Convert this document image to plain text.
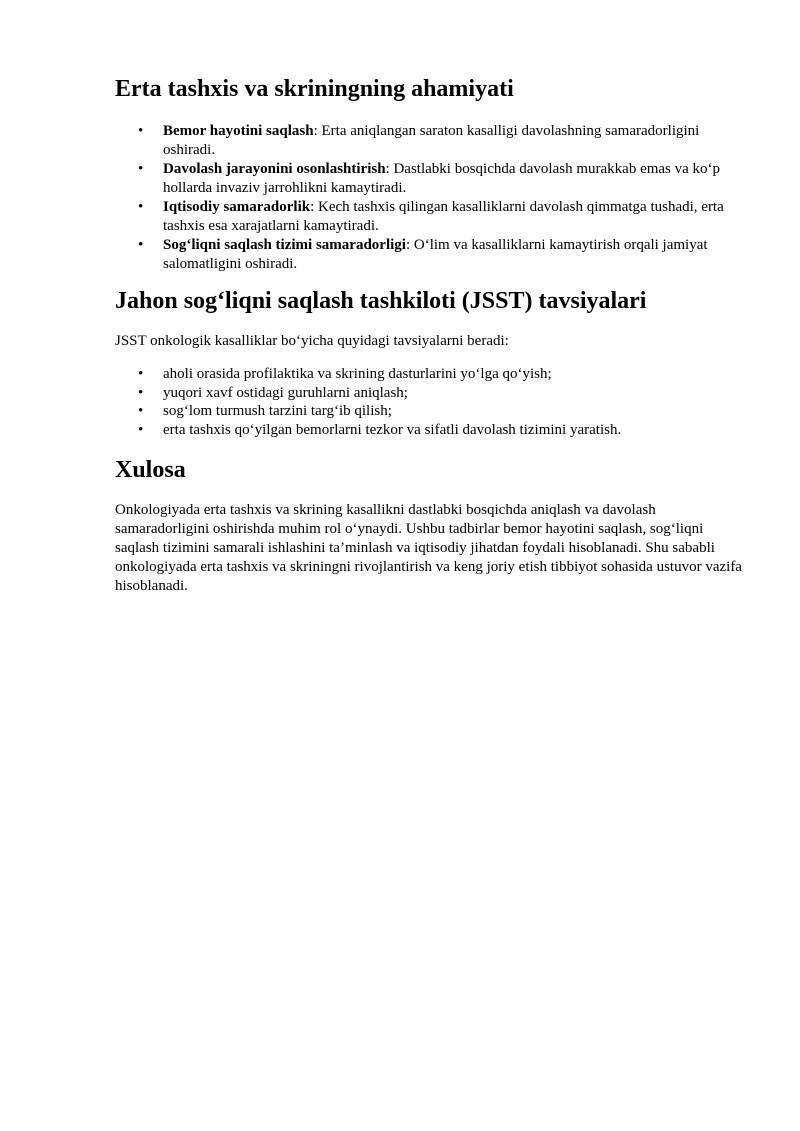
Erta tashxis va skriningning ahamiyati
• Bemor hayotini saqlash: Erta aniqlangan saraton kasalligi davolashning samaradorligini oshiradi.
• Davolash jarayonini osonlashtirish: Dastlabki bosqichda davolash murakkab emas va ko‘p hollarda invaziv jarrohlikni kamaytiradi.
• Iqtisodiy samaradorlik: Kech tashxis qilingan kasalliklarni davolash qimmatga tushadi, erta tashxis esa xarajatlarni kamaytiradi.
• Sog‘liqni saqlash tizimi samaradorligi: O‘lim va kasalliklarni kamaytirish orqali jamiyat salomatligini oshiradi.
Jahon sog‘liqni saqlash tashkiloti (JSST) tavsiyalari

JSST onkologik kasalliklar bo‘yicha quyidagi tavsiyalarni beradi:

• aholi orasida profilaktika va skrining dasturlarini yo‘lga qo‘yish;
• yuqori xavf ostidagi guruhlarni aniqlash;
• sog‘lom turmush tarzini targ‘ib qilish;
• erta tashxis qo‘yilgan bemorlarni tezkor va sifatli davolash tizimini yaratish.
Xulosa

Onkologiyada erta tashxis va skrining kasallikni dastlabki bosqichda aniqlash va davolash samaradorligini oshirishda muhim rol o‘ynaydi. Ushbu tadbirlar bemor hayotini saqlash, sog‘liqni saqlash tizimini samarali ishlashini ta’minlash va iqtisodiy jihatdan foydali hisoblanadi. Shu sababli onkologiyada erta tashxis va skriningni rivojlantirish va keng joriy etish tibbiyot sohasida ustuvor vazifa hisoblanadi.
